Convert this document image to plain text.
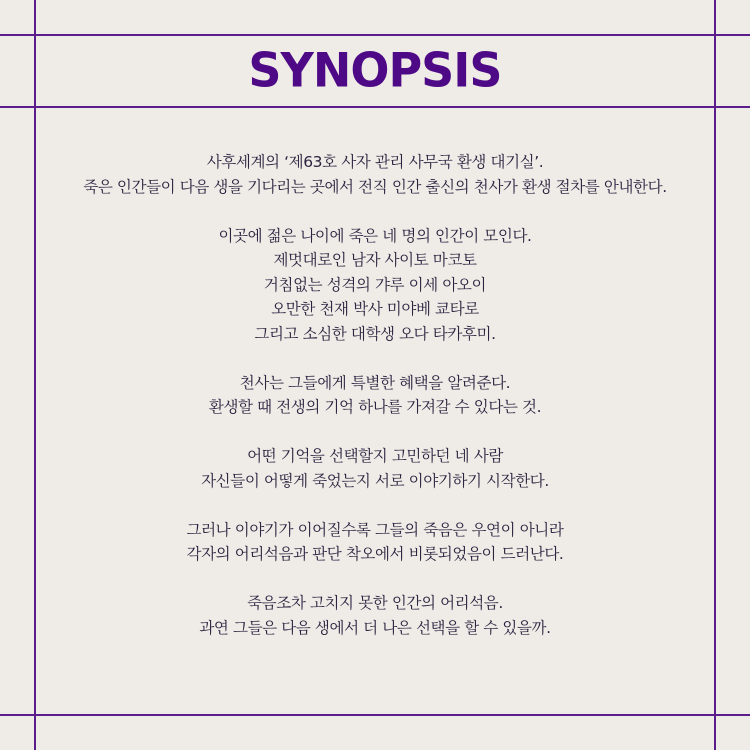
SYNOPSIS

사후세계의 ‘제63호 사자 관리 사무국 환생 대기실’.
죽은 인간들이 다음 생을 기다리는 곳에서 전직 인간 출신의 천사가 환생 절차를 안내한다.

이곳에 젊은 나이에 죽은 네 명의 인간이 모인다.
제멋대로인 남자 사이토 마코토
거침없는 성격의 갸루 이세 아오이
오만한 천재 박사 미야베 쿄타로
그리고 소심한 대학생 오다 타카후미.

천사는 그들에게 특별한 혜택을 알려준다.
환생할 때 전생의 기억 하나를 가져갈 수 있다는 것.

어떤 기억을 선택할지 고민하던 네 사람
자신들이 어떻게 죽었는지 서로 이야기하기 시작한다.

그러나 이야기가 이어질수록 그들의 죽음은 우연이 아니라
각자의 어리석음과 판단 착오에서 비롯되었음이 드러난다.

죽음조차 고치지 못한 인간의 어리석음.
과연 그들은 다음 생에서 더 나은 선택을 할 수 있을까.
